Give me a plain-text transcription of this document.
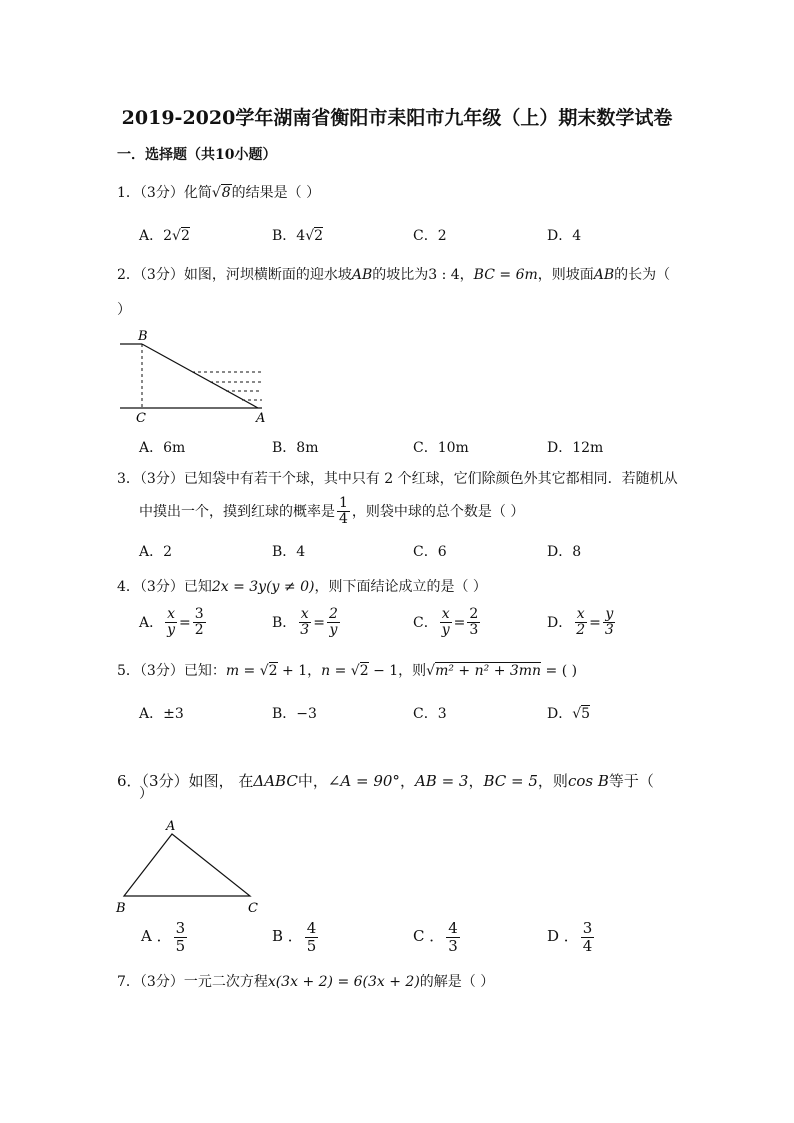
2019-2020学年湖南省衡阳市耒阳市九年级（上）期末数学试卷
一．选择题（共10小题）
1．（3分）化简√8的结果是（ ）
A．2√2	B．4√2	C．2	D．4
2．（3分）如图，河坝横断面的迎水坡AB的坡比为3 : 4，BC = 6m，则坡面AB的长为（
）
B
C	A
A．6m	B．8m	C．10m	D．12m
3．（3分）已知袋中有若干个球，其中只有 2 个红球，它们除颜色外其它都相同．若随机从
中摸出一个，摸到红球的概率是 $\frac{1}{4}$ ，则袋中球的总个数是（ ）
A．2	B．4	C．6	D．8
4．（3分）已知2x = 3y(y ≠ 0)，则下面结论成立的是（ ）
A． $\frac{x}{y} = \frac{3}{2}$	B． $\frac{x}{3} = \frac{2}{y}$	C． $\frac{x}{y} = \frac{2}{3}$	D． $\frac{x}{2} = \frac{y}{3}$
5．（3分）已知：m = √2 + 1，n = √2 − 1，则√m² + n² + 3mn = ( )
A．±3	B．−3	C．3	D．√5
6．（3分）如图， 在ΔABC中，∠A = 90°，AB = 3，BC = 5，则cos B等于（
）
A
B	C
A ． $\frac{3}{5}$	B ． $\frac{4}{5}$	C ． $\frac{4}{3}$	D ． $\frac{3}{4}$
7．（3分）一元二次方程x(3x + 2) = 6(3x + 2)的解是（ ）
